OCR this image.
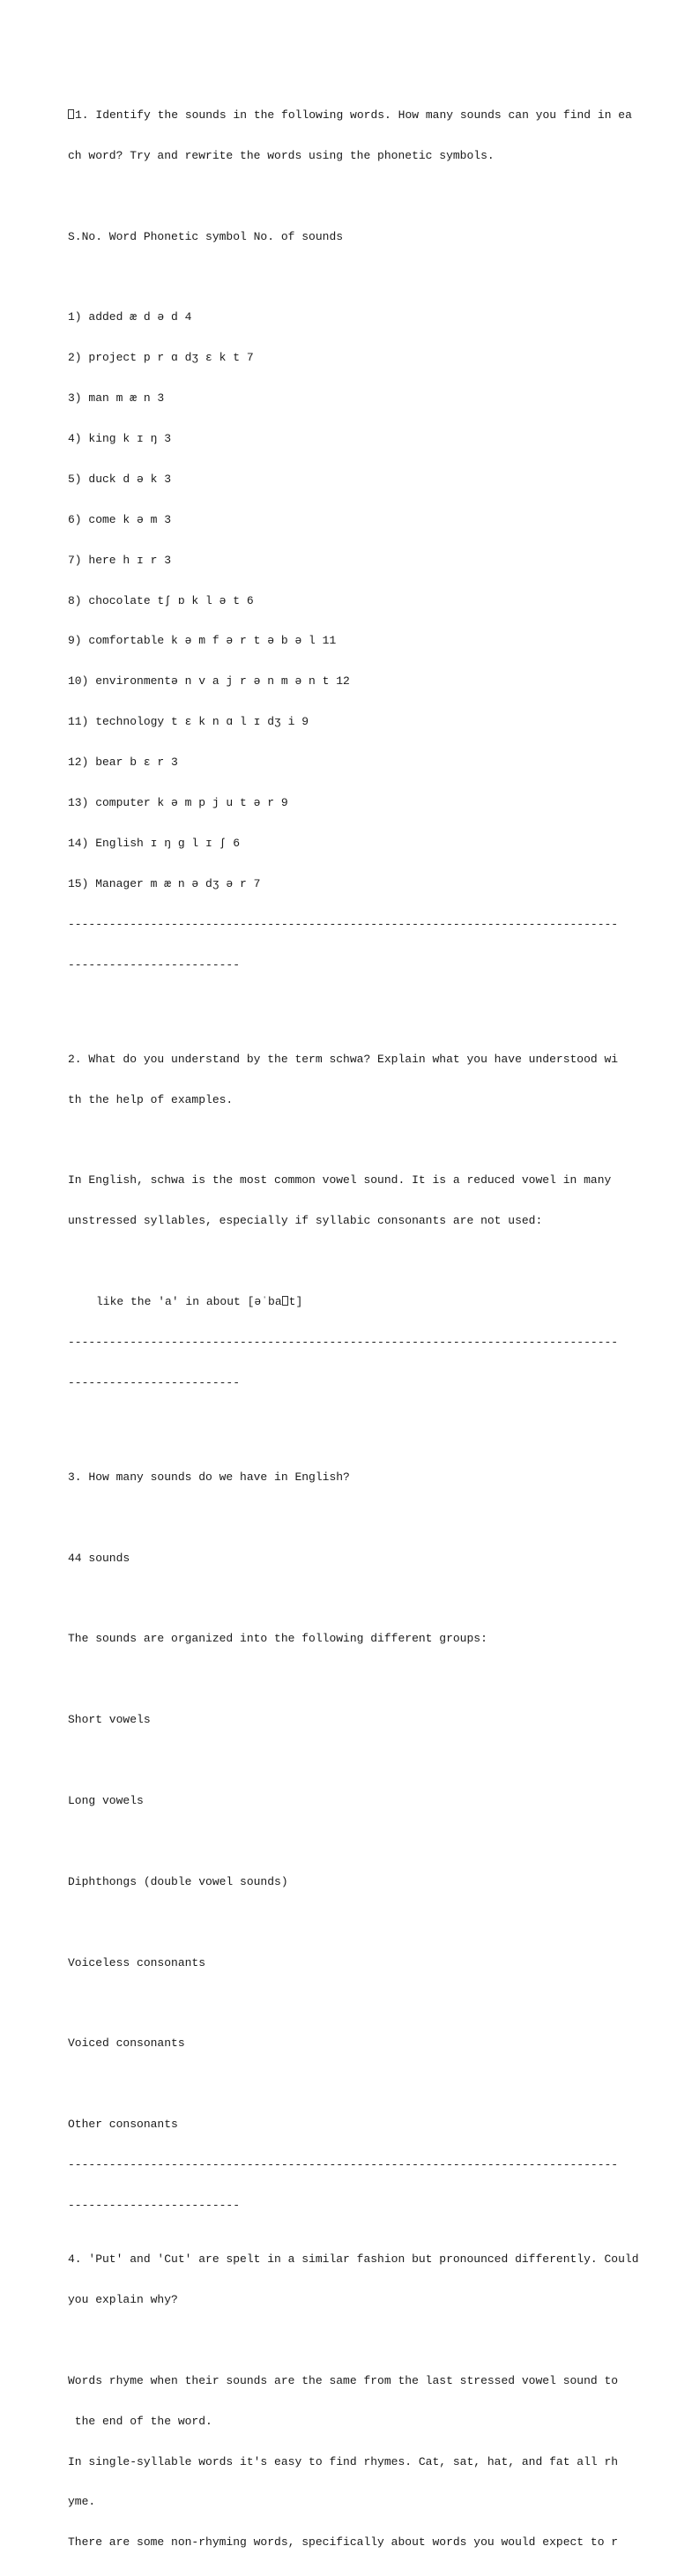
1. Identify the sounds in the following words. How many sounds can you find in ea

ch word? Try and rewrite the words using the phonetic symbols.

S.No. Word Phonetic symbol No. of sounds

1) added æ d ə d 4

2) project p r ɑ dʒ ɛ k t 7

3) man m æ n 3

4) king k ɪ ŋ 3

5) duck d ə k 3

6) come k ə m 3

7) here h ɪ r 3

8) chocolate tʃ ɒ k l ə t 6

9) comfortable k ə m f ə r t ə b ə l 11

10) environmentə n v a j r ə n m ə n t 12

11) technology t ɛ k n ɑ l ɪ dʒ i 9

12) bear b ɛ r 3

13) computer k ə m p j u t ə r 9

14) English ɪ ŋ g l ɪ ʃ 6

15) Manager m æ n ə dʒ ə r 7

--------------------------------------------------------------------------------

-------------------------

2. What do you understand by the term schwa? Explain what you have understood wi

th the help of examples.

In English, schwa is the most common vowel sound. It is a reduced vowel in many

unstressed syllables, especially if syllabic consonants are not used:

like the 'a' in about [əˈba t]

--------------------------------------------------------------------------------

-------------------------

3. How many sounds do we have in English?

44 sounds

The sounds are organized into the following different groups:

Short vowels

Long vowels

Diphthongs (double vowel sounds)

Voiceless consonants

Voiced consonants

Other consonants

--------------------------------------------------------------------------------

-------------------------

4. 'Put' and 'Cut' are spelt in a similar fashion but pronounced differently. Could

you explain why?

Words rhyme when their sounds are the same from the last stressed vowel sound to

the end of the word.

In single-syllable words it's easy to find rhymes. Cat, sat, hat, and fat all rh

yme.

There are some non-rhyming words, specifically about words you would expect to r
